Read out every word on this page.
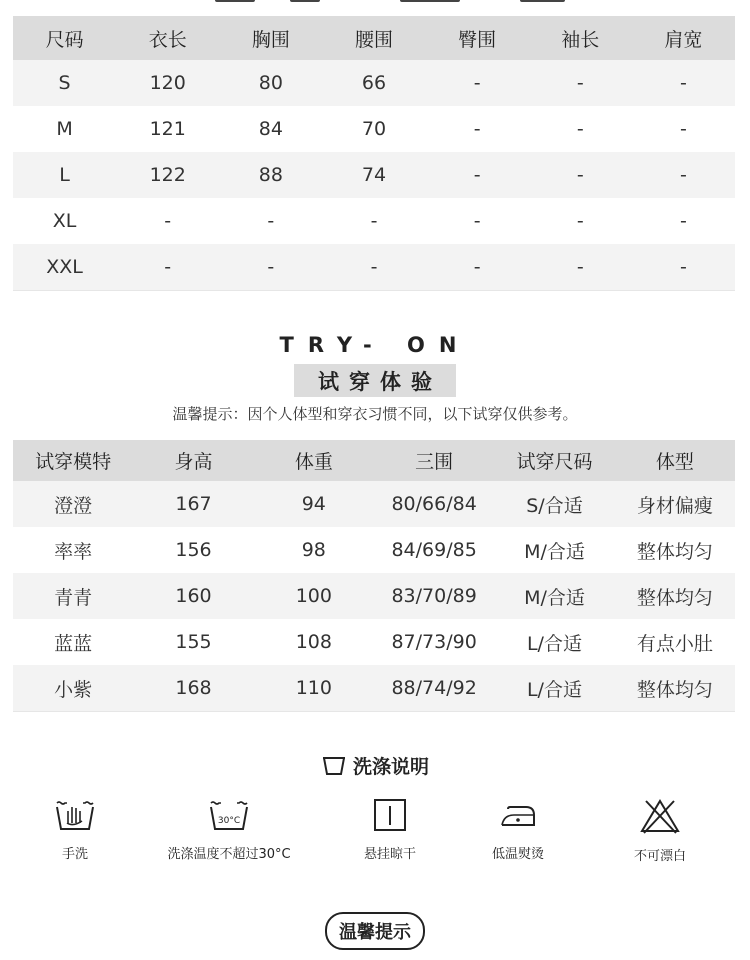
尺码	衣长	胸围	腰围	臀围	袖长	肩宽
S	120	80	66	-	-	-
M	121	84	70	-	-	-
L	122	88	74	-	-	-
XL	-	-	-	-	-	-
XXL	-	-	-	-	-	-
TRY- ON
试穿体验
温馨提示：因个人体型和穿衣习惯不同，以下试穿仅供参考。
试穿模特	身高	体重	三围	试穿尺码	体型
澄澄	167	94	80/66/84	S/合适	身材偏瘦
率率	156	98	84/69/85	M/合适	整体均匀
青青	160	100	83/70/89	M/合适	整体均匀
蓝蓝	155	108	87/73/90	L/合适	有点小肚
小紫	168	110	88/74/92	L/合适	整体均匀
洗涤说明
手洗
30°C
洗涤温度不超过30°C	悬挂晾干	低温熨烫	不可漂白
温馨提示
